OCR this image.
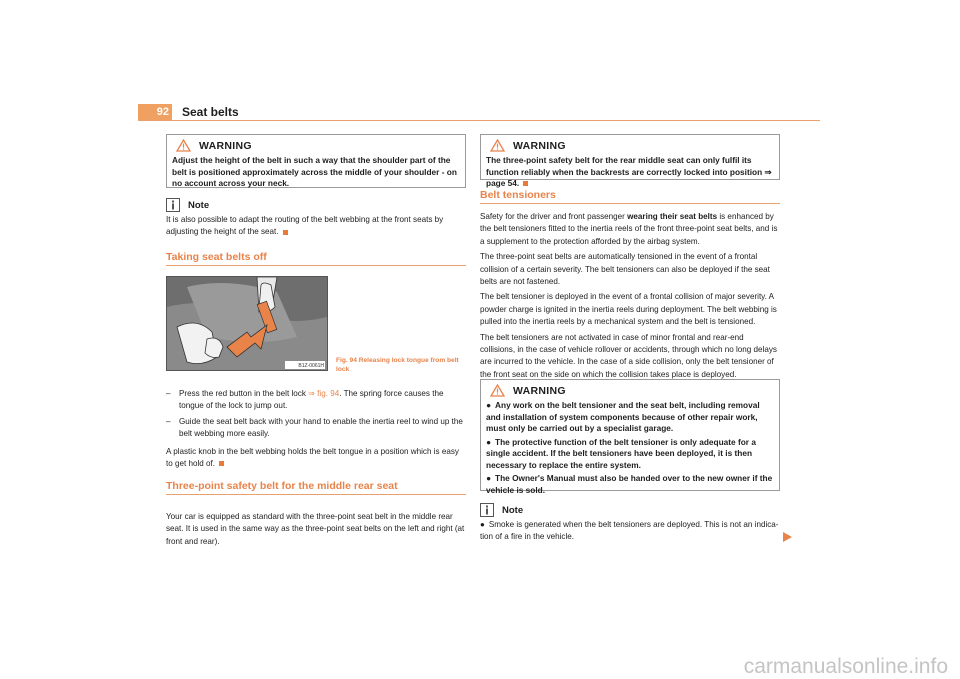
92 Seat belts
WARNING
Adjust the height of the belt in such a way that the shoulder part of the belt is positioned approximately across the middle of your shoulder - on no account across your neck.
Note
It is also possible to adapt the routing of the belt webbing at the front seats by adjusting the height of the seat.
Taking seat belts off
B1Z-0061H
Fig. 94 Releasing lock tongue from belt lock
–	Press the red button in the belt lock ⇒ fig. 94. The spring force causes the tongue of the lock to jump out.
–	Guide the seat belt back with your hand to enable the inertia reel to wind up the belt webbing more easily.
A plastic knob in the belt webbing holds the belt tongue in a position which is easy to get hold of.
Three-point safety belt for the middle rear seat
Your car is equipped as standard with the three-point seat belt in the middle rear seat. It is used in the same way as the three-point seat belts on the left and right (at front and rear).
WARNING
The three-point safety belt for the rear middle seat can only fulfil its function reliably when the backrests are correctly locked into position ⇒ page 54.
Belt tensioners
Safety for the driver and front passenger wearing their seat belts is enhanced by the belt tensioners fitted to the inertia reels of the front three-point seat belts, and is a supplement to the protection afforded by the airbag system.
The three-point seat belts are automatically tensioned in the event of a frontal collision of a certain severity. The belt tensioners can also be deployed if the seat belts are not fastened.
The belt tensioner is deployed in the event of a frontal collision of major severity. A powder charge is ignited in the inertia reels during deployment. The belt webbing is pulled into the inertia reels by a mechanical system and the belt is tensioned.
The belt tensioners are not activated in case of minor frontal and rear-end collisions, in the case of vehicle rollover or accidents, through which no long delays are incurred to the vehicle. In the case of a side collision, only the belt tensioner of the front seat on the side on which the collision takes place is deployed.
WARNING
● Any work on the belt tensioner and the seat belt, including removal and installation of system components because of other repair work, must only be carried out by a specialist garage.
● The protective function of the belt tensioner is only adequate for a single accident. If the belt tensioners have been deployed, it is then necessary to replace the entire system.
● The Owner's Manual must also be handed over to the new owner if the vehicle is sold.
Note
● Smoke is generated when the belt tensioners are deployed. This is not an indica-tion of a fire in the vehicle.
carmanualsonline.info
